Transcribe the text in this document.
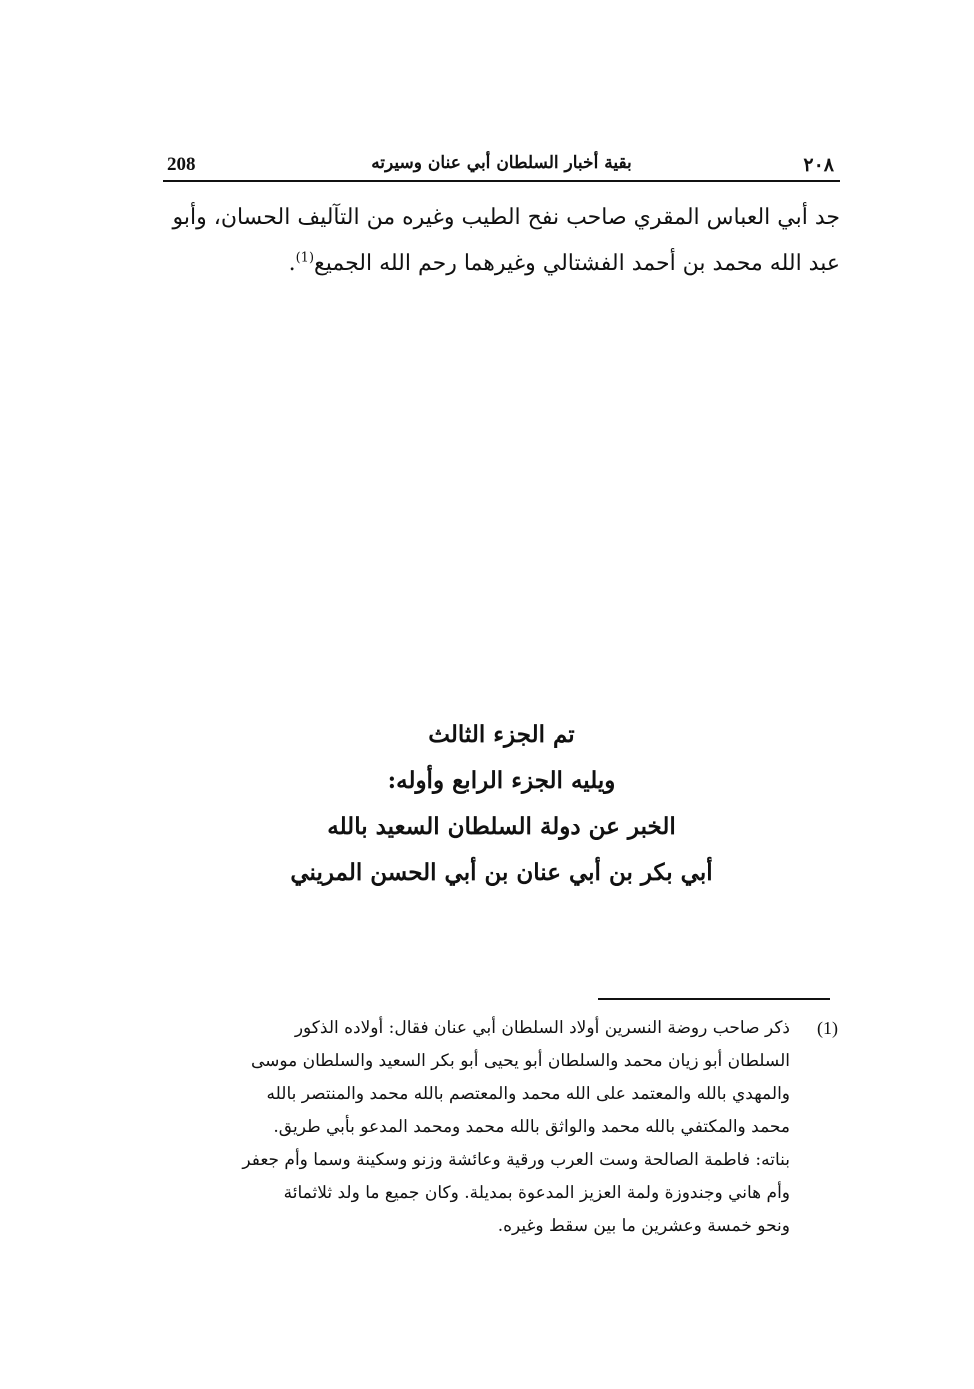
208	بقية أخبار السلطان أبي عنان وسيرته	٢٠٨

جد أبي العباس المقري صاحب نفح الطيب وغيره من التآليف الحسان، وأبو

عبد الله محمد بن أحمد الفشتالي وغيرهما رحم الله الجميع$^{(1)}$.

تم الجزء الثالث
ويليه الجزء الرابع وأوله:
الخبر عن دولة السلطان السعيد بالله
أبي بكر بن أبي عنان بن أبي الحسن المريني
(1)

ذكر صاحب روضة النسرين أولاد السلطان أبي عنان فقال: أولاده الذكور

السلطان أبو زيان محمد والسلطان أبو يحيى أبو بكر السعيد والسلطان موسى

والمهدي بالله والمعتمد على الله محمد والمعتصم بالله محمد والمنتصر بالله

محمد والمكتفي بالله محمد والواثق بالله محمد ومحمد المدعو بأبي طريق.

بناته: فاطمة الصالحة وست العرب ورقية وعائشة وزنو وسكينة وسما وأم جعفر

وأم هاني وجندوزة ولمة العزيز المدعوة بمديلة. وكان جميع ما ولد ثلاثمائة

ونحو خمسة وعشرين ما بين سقط وغيره.
